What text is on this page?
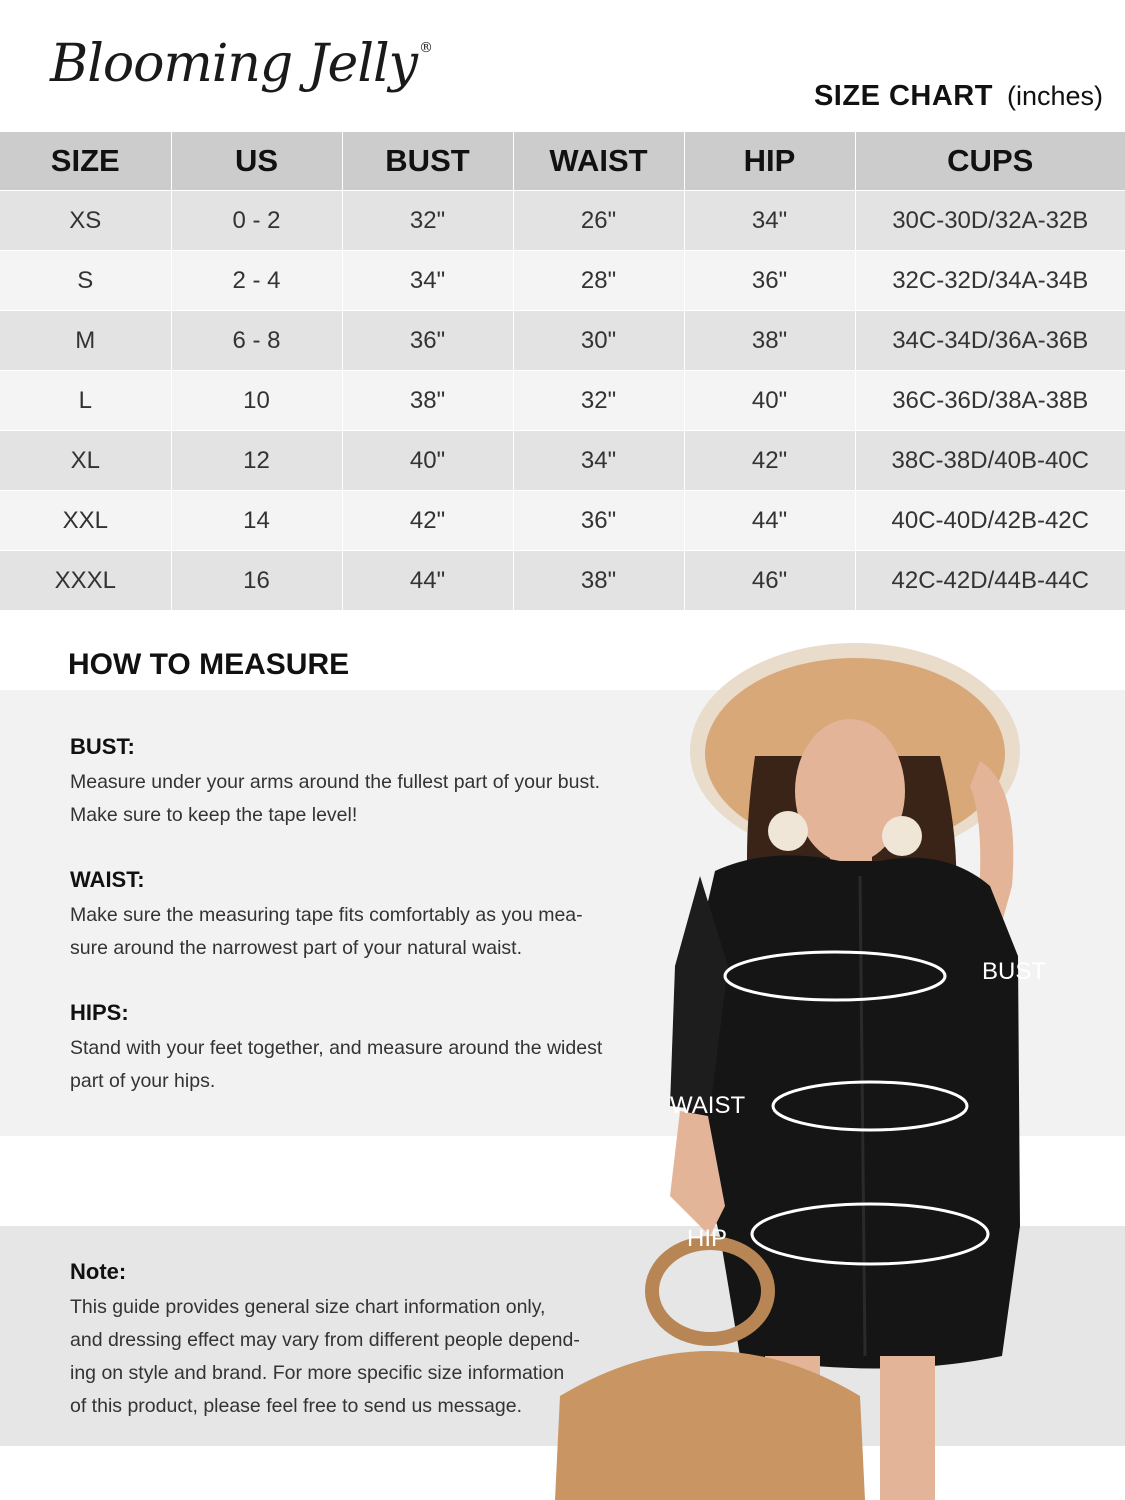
Blooming Jelly ®
SIZE CHART (inches)
SIZE	US	BUST	WAIST	HIP	CUPS
XS	0 - 2	32"	26"	34"	30C-30D/32A-32B
S	2 - 4	34"	28"	36"	32C-32D/34A-34B
M	6 - 8	36"	30"	38"	34C-34D/36A-36B
L	10	38"	32"	40"	36C-36D/38A-38B
XL	12	40"	34"	42"	38C-38D/40B-40C
XXL	14	42"	36"	44"	40C-40D/42B-42C
XXXL	16	44"	38"	46"	42C-42D/44B-44C
HOW TO MEASURE
BUST:
Measure under your arms around the fullest part of your bust.
Make sure to keep the tape level!
WAIST:
Make sure the measuring tape fits comfortably as you mea-
sure around the narrowest part of your natural waist.
HIPS:
Stand with your feet together, and measure around the widest
part of your hips.
Note:
This guide provides general size chart information only,
and dressing effect may vary from different people depend-
ing on style and brand. For more specific size information
of this product, please feel free to send us message.
BUST
WAIST
HIP
